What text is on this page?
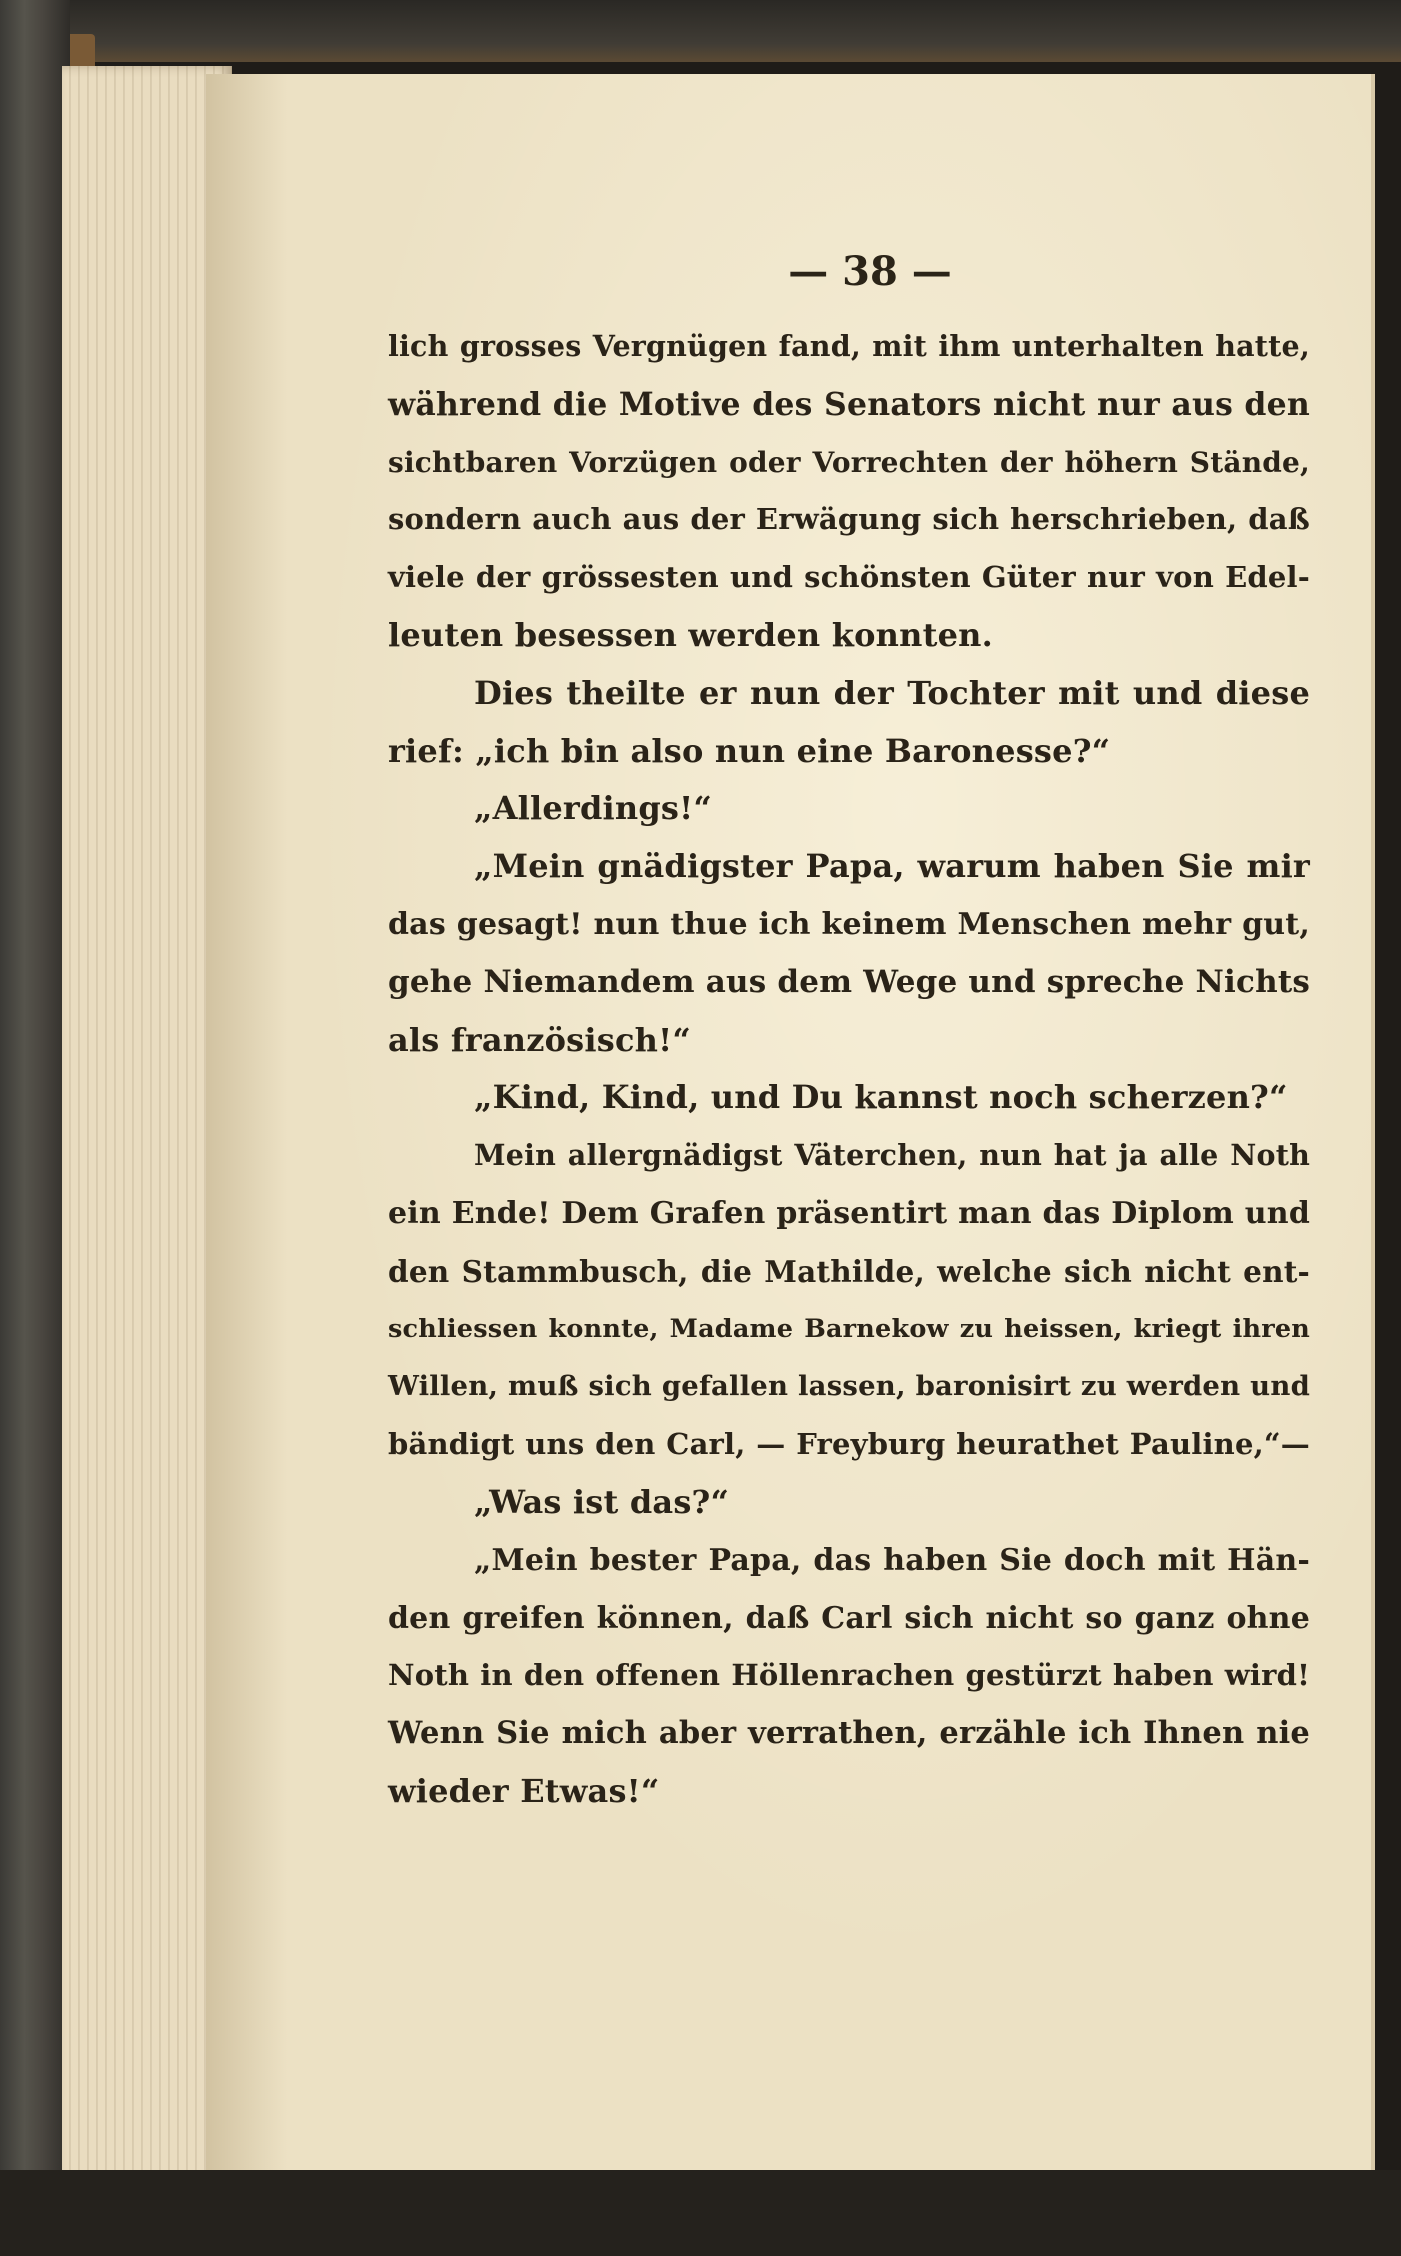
— 38 —
lich grosses Vergnügen fand, mit ihm unterhalten hatte,
während die Motive des Senators nicht nur aus den
sichtbaren Vorzügen oder Vorrechten der höhern Stände,
sondern auch aus der Erwägung sich herschrieben, daß
viele der grössesten und schönsten Güter nur von Edel-
leuten besessen werden konnten.
Dies theilte er nun der Tochter mit und diese
rief: „ich bin also nun eine Baronesse?“
„Allerdings!“
„Mein gnädigster Papa, warum haben Sie mir
das gesagt! nun thue ich keinem Menschen mehr gut,
gehe Niemandem aus dem Wege und spreche Nichts
als französisch!“
„Kind, Kind, und Du kannst noch scherzen?“
Mein allergnädigst Väterchen, nun hat ja alle Noth
ein Ende! Dem Grafen präsentirt man das Diplom und
den Stammbusch, die Mathilde, welche sich nicht ent-
schliessen konnte, Madame Barnekow zu heissen, kriegt ihren
Willen, muß sich gefallen lassen, baronisirt zu werden und
bändigt uns den Carl, — Freyburg heurathet Pauline,“—
„Was ist das?“
„Mein bester Papa, das haben Sie doch mit Hän-
den greifen können, daß Carl sich nicht so ganz ohne
Noth in den offenen Höllenrachen gestürzt haben wird!
Wenn Sie mich aber verrathen, erzähle ich Ihnen nie
wieder Etwas!“
